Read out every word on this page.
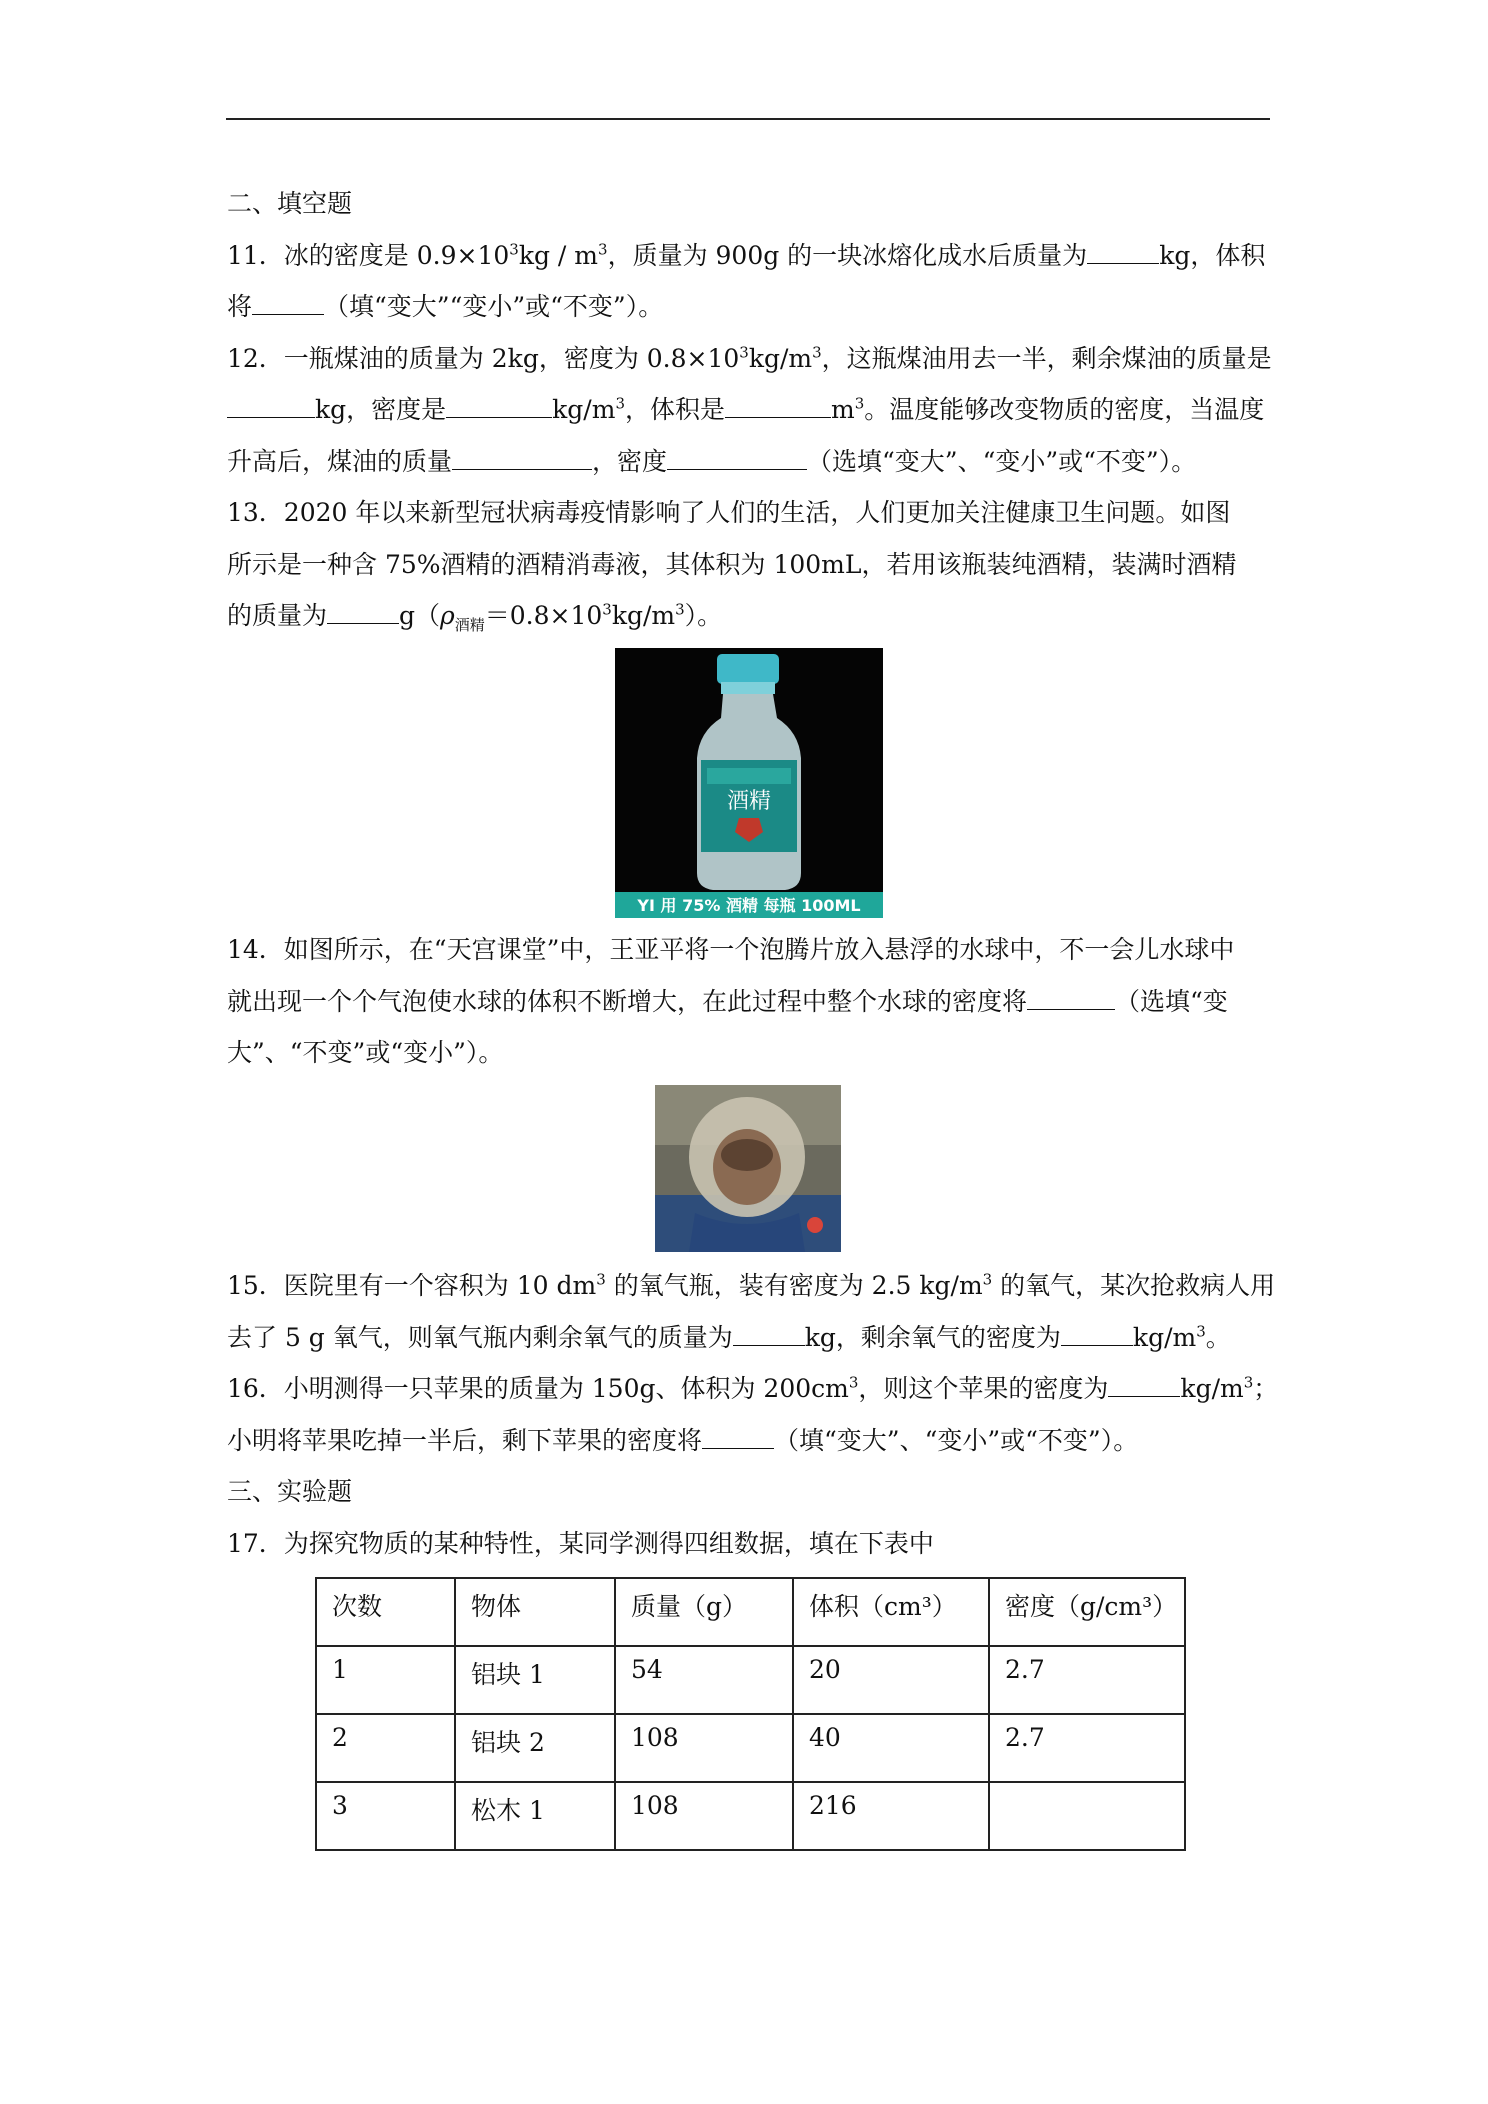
二、填空题
11．冰的密度是 $0.9\times 10^3kg / m^3$，质量为 900g 的一块冰熔化成水后质量为	kg，体积
将	（填“变大”“变小”或“不变”）。
12．一瓶煤油的质量为 2kg，密度为 $0.8\times 10^3kg/m^3$，这瓶煤油用去一半，剩余煤油的质量是
kg，密度是	$kg/m^3$，体积是	$m^3$。温度能够改变物质的密度，当温度
升高后，煤油的质量	，密度	（选填“变大”、“变小”或“不变”）。
13．2020 年以来新型冠状病毒疫情影响了人们的生活，人们更加关注健康卫生问题。如图
所示是一种含 75%酒精的酒精消毒液，其体积为 100mL，若用该瓶装纯酒精，装满时酒精
的质量为	$g(\rho_{酒精}=0.8\times 10^3kg/m^3)$。
酒精
YI 用 75% 酒精 每瓶 100ML
14．如图所示，在“天宫课堂”中，王亚平将一个泡腾片放入悬浮的水球中，不一会儿水球中
就出现一个个气泡使水球的体积不断增大，在此过程中整个水球的密度将	（选填“变
大”、“不变”或“变小”）。
15．医院里有一个容积为 10 $dm^3$ 的氧气瓶，装有密度为 2.5 $kg/m^3$ 的氧气，某次抢救病人用
去了 5 g 氧气，则氧气瓶内剩余氧气的质量为	kg，剩余氧气的密度为	$kg/m^3$。
16．小明测得一只苹果的质量为 150g、体积为 $200cm^3$，则这个苹果的密度为	$kg/m^3$；
小明将苹果吃掉一半后，剩下苹果的密度将	（填“变大”、“变小”或“不变”）。
三、实验题
17．为探究物质的某种特性，某同学测得四组数据，填在下表中
次数	物体	质量（g）	体积（cm³）	密度（g/cm³）
1	铝块 1	54	20	2.7
2	铝块 2	108	40	2.7
3	松木 1	108	216	
